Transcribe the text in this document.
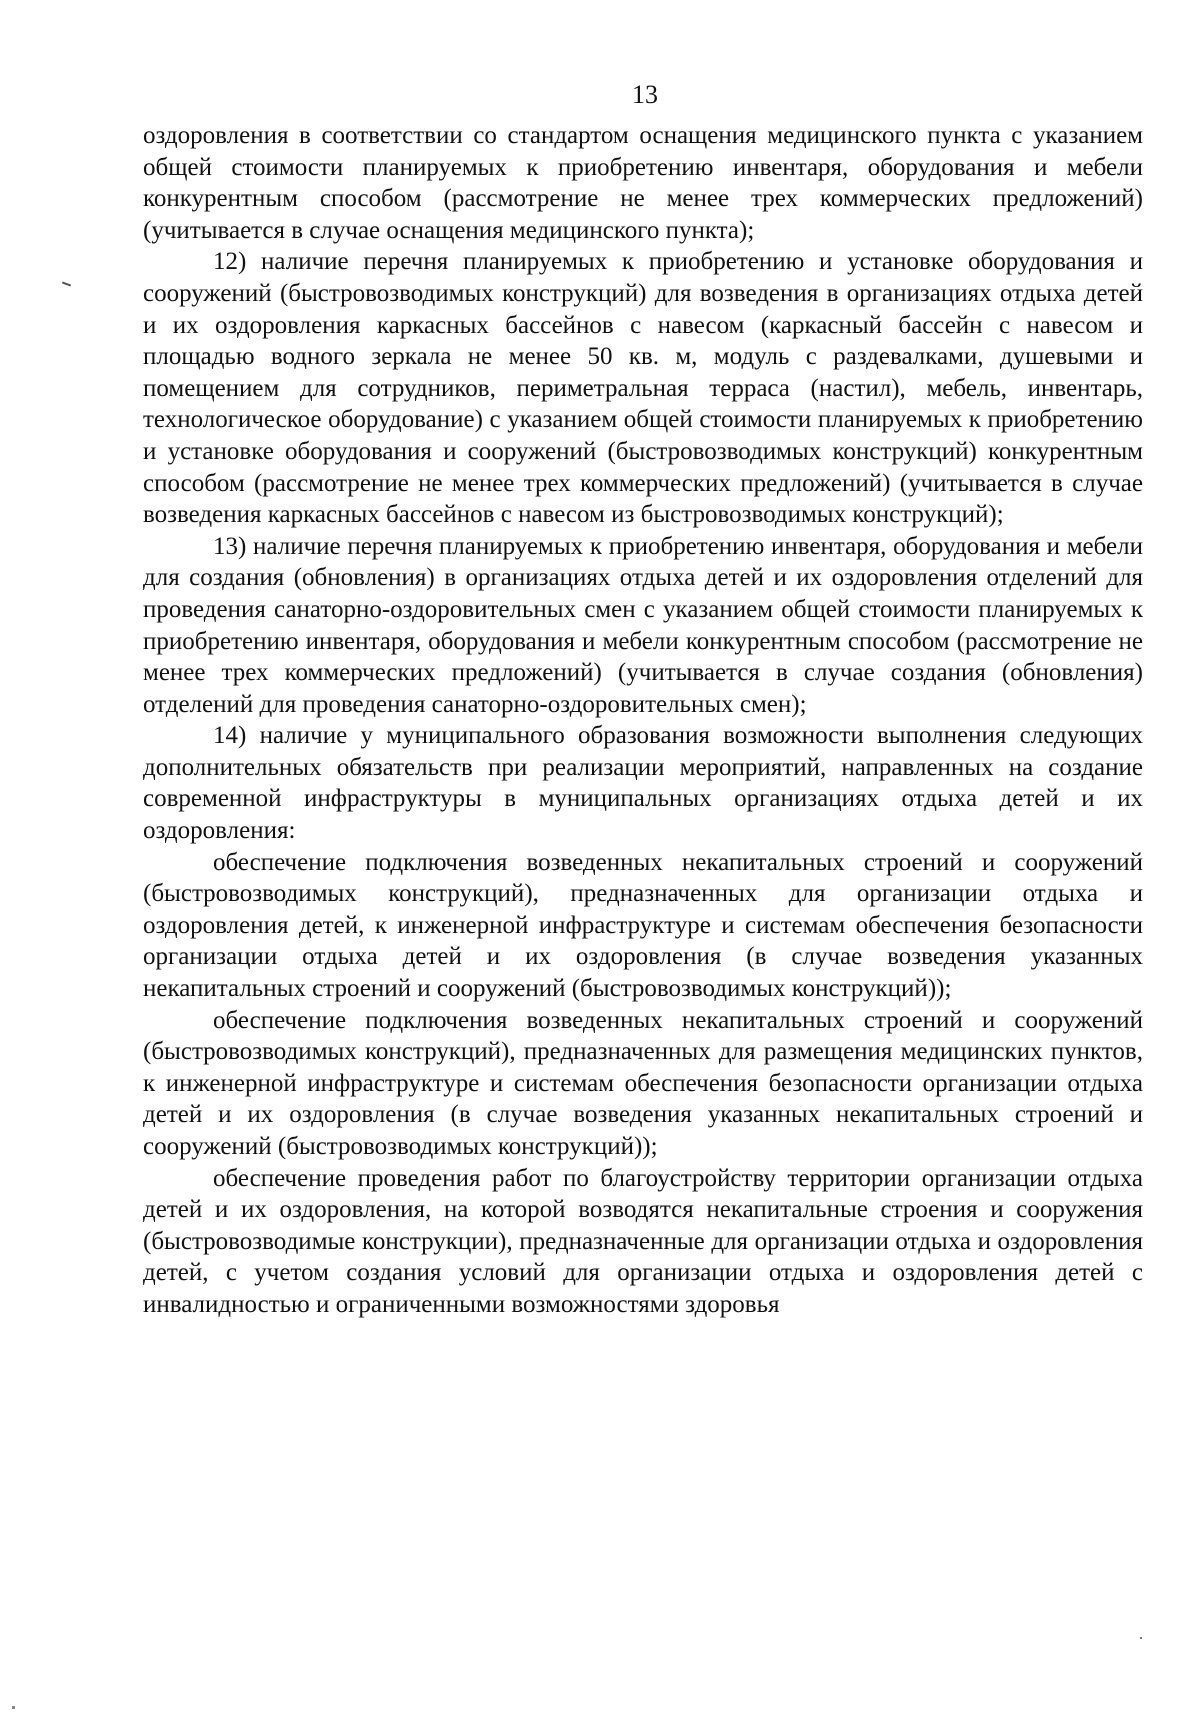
13

оздоровления в соответствии со стандартом оснащения медицинского пункта с указанием общей стоимости планируемых к приобретению инвентаря, оборудования и мебели конкурентным способом (рассмотрение не менее трех коммерческих предложений) (учитывается в случае оснащения медицинского пункта);

12) наличие перечня планируемых к приобретению и установке оборудования и сооружений (быстровозводимых конструкций) для возведения в организациях отдыха детей и их оздоровления каркасных бассейнов с навесом (каркасный бассейн с навесом и площадью водного зеркала не менее 50 кв. м, модуль с раздевалками, душевыми и помещением для сотрудников, периметральная терраса (настил), мебель, инвентарь, технологическое оборудование) с указанием общей стоимости планируемых к приобретению и установке оборудования и сооружений (быстровозводимых конструкций) конкурентным способом (рассмотрение не менее трех коммерческих предложений) (учитывается в случае возведения каркасных бассейнов с навесом из быстровозводимых конструкций);

13) наличие перечня планируемых к приобретению инвентаря, оборудования и мебели для создания (обновления) в организациях отдыха детей и их оздоровления отделений для проведения санаторно-оздоровительных смен с указанием общей стоимости планируемых к приобретению инвентаря, оборудования и мебели конкурентным способом (рассмотрение не менее трех коммерческих предложений) (учитывается в случае создания (обновления) отделений для проведения санаторно-оздоровительных смен);

14) наличие у муниципального образования возможности выполнения следующих дополнительных обязательств при реализации мероприятий, направленных на создание современной инфраструктуры в муниципальных организациях отдыха детей и их оздоровления:

обеспечение подключения возведенных некапитальных строений и сооружений (быстровозводимых конструкций), предназначенных для организации отдыха и оздоровления детей, к инженерной инфраструктуре и системам обеспечения безопасности организации отдыха детей и их оздоровления (в случае возведения указанных некапитальных строений и сооружений (быстровозводимых конструкций));

обеспечение подключения возведенных некапитальных строений и сооружений (быстровозводимых конструкций), предназначенных для размещения медицинских пунктов, к инженерной инфраструктуре и системам обеспечения безопасности организации отдыха детей и их оздоровления (в случае возведения указанных некапитальных строений и сооружений (быстровозводимых конструкций));

обеспечение проведения работ по благоустройству территории организации отдыха детей и их оздоровления, на которой возводятся некапитальные строения и сооружения (быстровозводимые конструкции), предназначенные для организации отдыха и оздоровления детей, с учетом создания условий для организации отдыха и оздоровления детей с инвалидностью и ограниченными возможностями здоровья
